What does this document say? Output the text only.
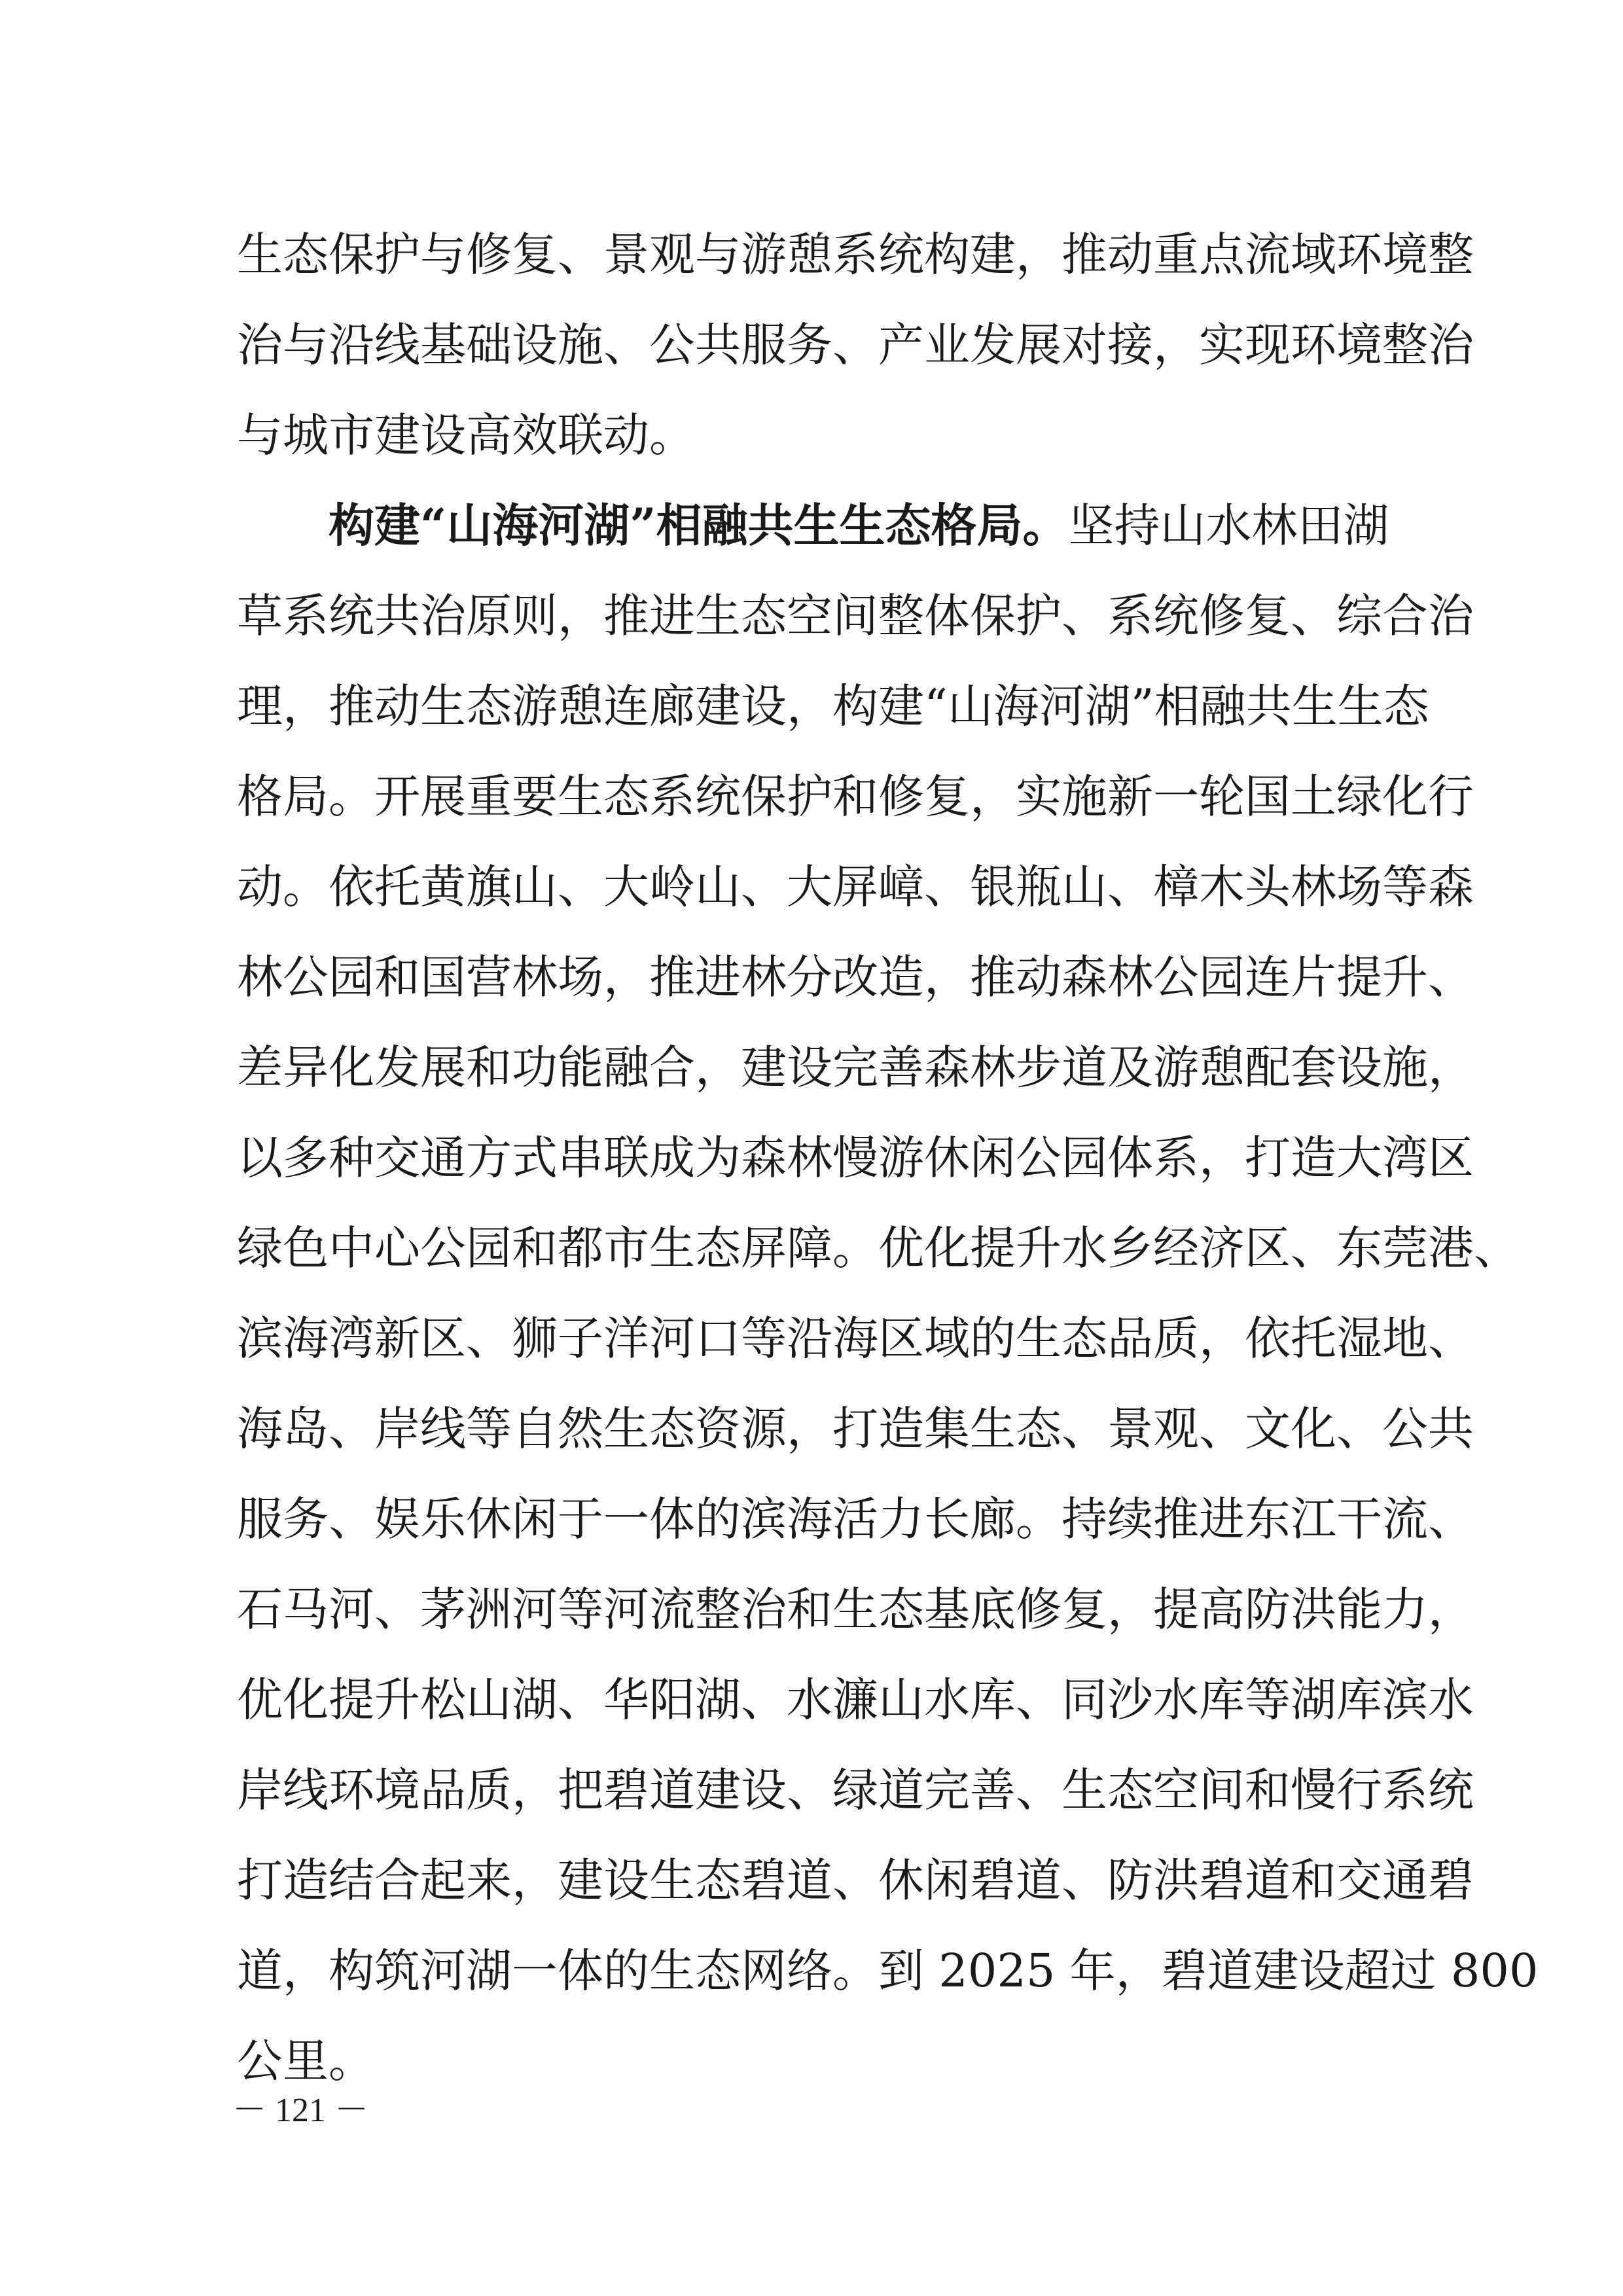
生态保护与修复、景观与游憩系统构建，推动重点流域环境整
治与沿线基础设施、公共服务、产业发展对接，实现环境整治
与城市建设高效联动。
构建“山海河湖”相融共生生态格局。坚持山水林田湖
草系统共治原则，推进生态空间整体保护、系统修复、综合治
理，推动生态游憩连廊建设，构建“山海河湖”相融共生生态
格局。开展重要生态系统保护和修复，实施新一轮国土绿化行
动。依托黄旗山、大岭山、大屏嶂、银瓶山、樟木头林场等森
林公园和国营林场，推进林分改造，推动森林公园连片提升、
差异化发展和功能融合，建设完善森林步道及游憩配套设施，
以多种交通方式串联成为森林慢游休闲公园体系，打造大湾区
绿色中心公园和都市生态屏障。优化提升水乡经济区、东莞港、
滨海湾新区、狮子洋河口等沿海区域的生态品质，依托湿地、
海岛、岸线等自然生态资源，打造集生态、景观、文化、公共
服务、娱乐休闲于一体的滨海活力长廊。持续推进东江干流、
石马河、茅洲河等河流整治和生态基底修复，提高防洪能力，
优化提升松山湖、华阳湖、水濂山水库、同沙水库等湖库滨水
岸线环境品质，把碧道建设、绿道完善、生态空间和慢行系统
打造结合起来，建设生态碧道、休闲碧道、防洪碧道和交通碧
道，构筑河湖一体的生态网络。到 2025 年，碧道建设超过 800
公里。
－ 121 －
